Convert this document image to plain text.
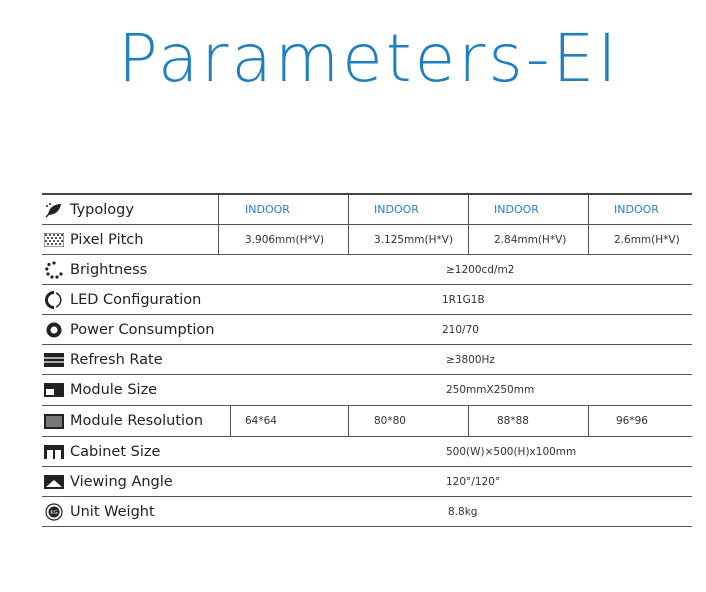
Parameters-EI
Typology	INDOOR	INDOOR	INDOOR	INDOOR
Pixel Pitch	3.906mm(H*V)	3.125mm(H*V)	2.84mm(H*V)	2.6mm(H*V)
Brightness	≥1200cd/m2
LED Configuration	1R1G1B
Power Consumption	210/70
Refresh Rate	≥3800Hz
Module Size	250mmX250mm
Module Resolution	64*64	80*80	88*88	96*96
Cabinet Size	500(W)×500(H)x100mm
Viewing Angle	120°/120°
KG Unit Weight	8.8kg
